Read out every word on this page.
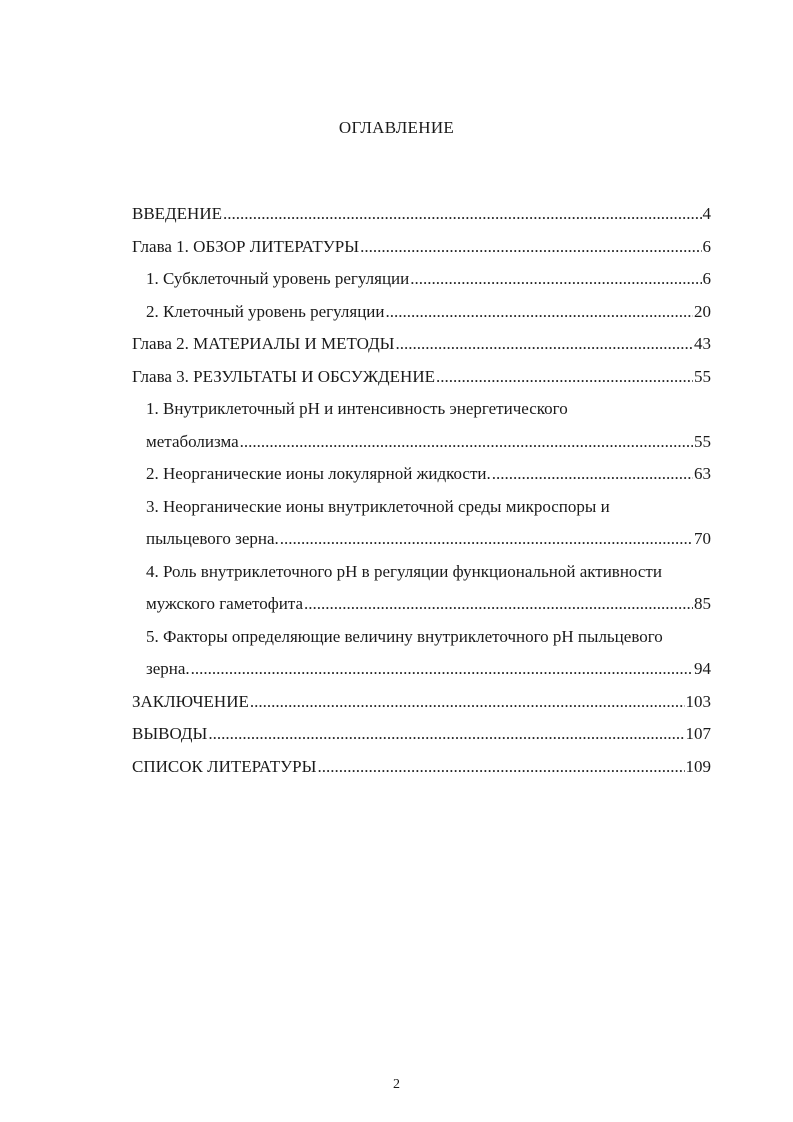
ОГЛАВЛЕНИЕ
ВВЕДЕНИЕ .....	4
Глава 1. ОБЗОР ЛИТЕРАТУРЫ .....	6
1. Субклеточный уровень регуляции .....	6
2. Клеточный уровень регуляции .....	20
Глава 2. МАТЕРИАЛЫ И МЕТОДЫ .....	43
Глава 3. РЕЗУЛЬТАТЫ И ОБСУЖДЕНИЕ .....	55
1. Внутриклеточный pH и интенсивность энергетического
метаболизма .....	55
2. Неорганические ионы локулярной жидкости. .....	63
3. Неорганические ионы внутриклеточной среды микроспоры и
пыльцевого зерна. .....	70
4. Роль внутриклеточного pH в регуляции функциональной активности
мужского гаметофита .....	85
5. Факторы определяющие величину внутриклеточного pH пыльцевого
зерна. .....	94
ЗАКЛЮЧЕНИЕ .....	103
ВЫВОДЫ .....	107
СПИСОК ЛИТЕРАТУРЫ .....	109
2
